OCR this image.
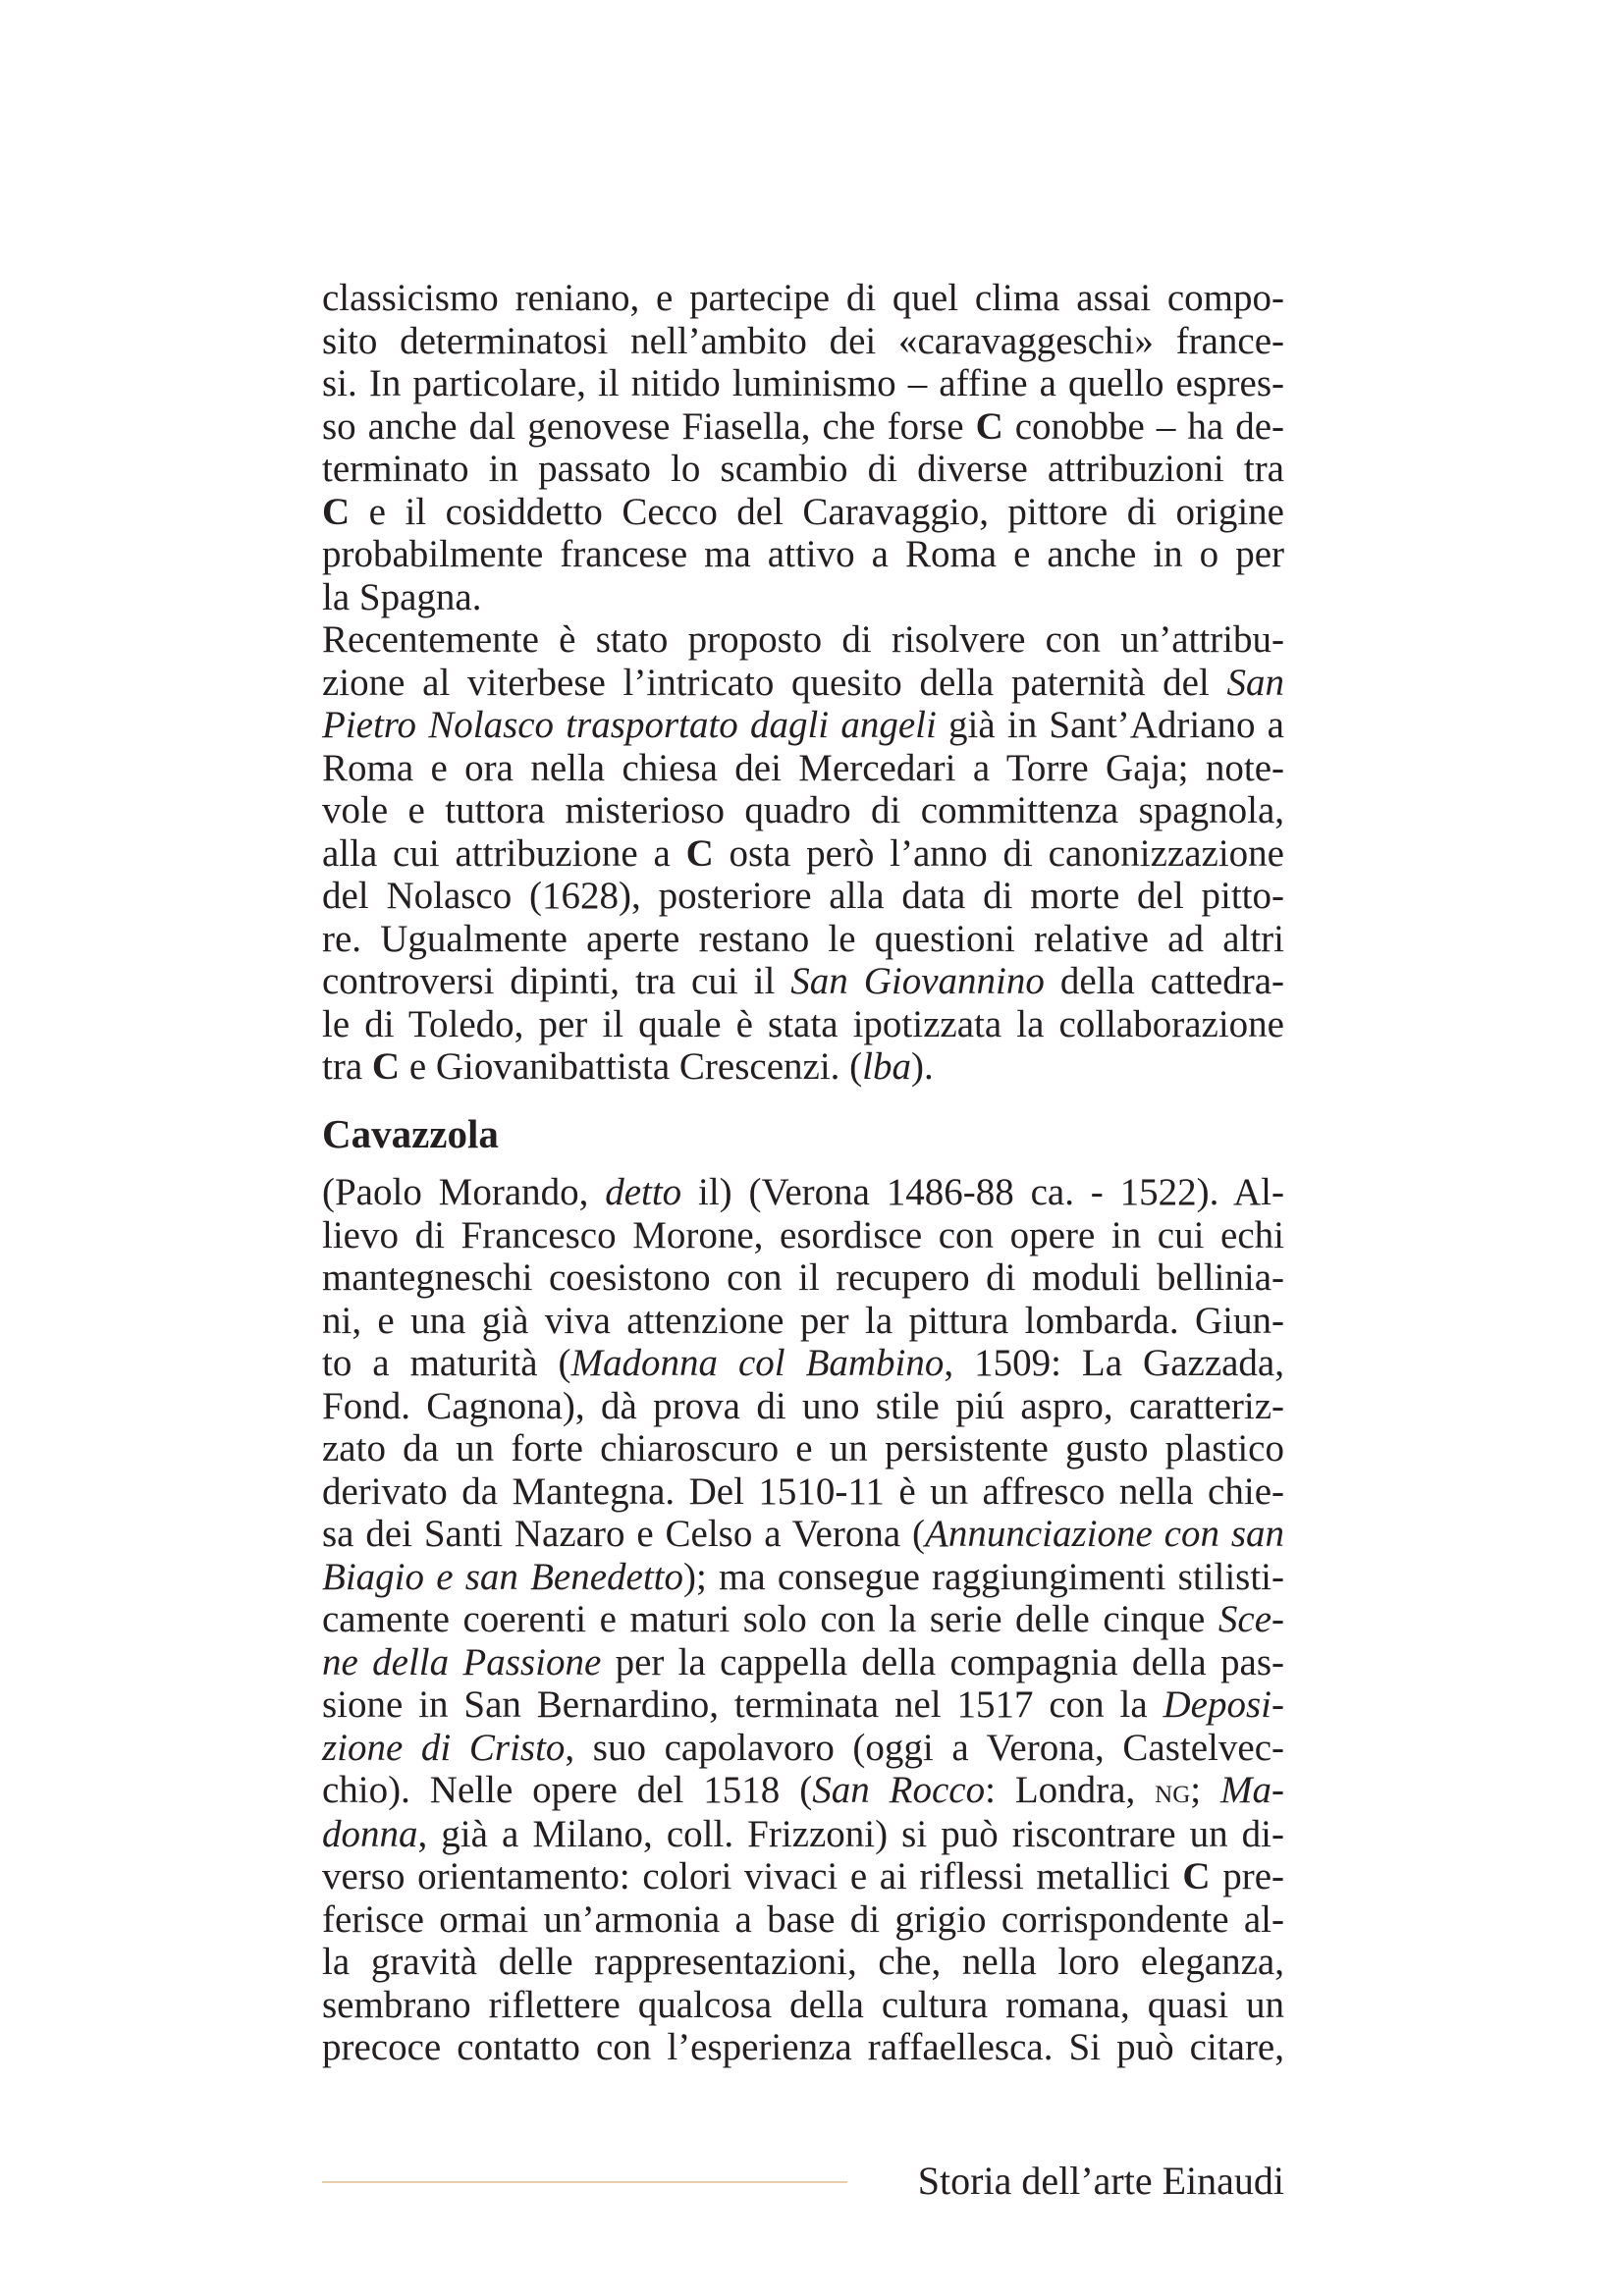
classicismo reniano, e partecipe di quel clima assai compo-
sito determinatosi nell’ambito dei «caravaggeschi» france-
si. In particolare, il nitido luminismo – affine a quello espres-
so anche dal genovese Fiasella, che forse C conobbe – ha de-
terminato in passato lo scambio di diverse attribuzioni tra
C e il cosiddetto Cecco del Caravaggio, pittore di origine
probabilmente francese ma attivo a Roma e anche in o per
la Spagna.
Recentemente è stato proposto di risolvere con un’attribu-
zione al viterbese l’intricato quesito della paternità del San
Pietro Nolasco trasportato dagli angeli già in Sant’Adriano a
Roma e ora nella chiesa dei Mercedari a Torre Gaja; note-
vole e tuttora misterioso quadro di committenza spagnola,
alla cui attribuzione a C osta però l’anno di canonizzazione
del Nolasco (1628), posteriore alla data di morte del pitto-
re. Ugualmente aperte restano le questioni relative ad altri
controversi dipinti, tra cui il San Giovannino della cattedra-
le di Toledo, per il quale è stata ipotizzata la collaborazione
tra C e Giovanibattista Crescenzi. (lba).
Cavazzola
(Paolo Morando, detto il) (Verona 1486-88 ca. - 1522). Al-
lievo di Francesco Morone, esordisce con opere in cui echi
mantegneschi coesistono con il recupero di moduli belliniа-
ni, e una già viva attenzione per la pittura lombarda. Giun-
to a maturità (Madonna col Bambino, 1509: La Gazzada,
Fond. Cagnona), dà prova di uno stile piú aspro, caratteriz-
zato da un forte chiaroscuro e un persistente gusto plastico
derivato da Mantegna. Del 1510-11 è un affresco nella chie-
sa dei Santi Nazaro e Celso a Verona (Annunciazione con san
Biagio e san Benedetto); ma consegue raggiungimenti stilisti-
camente coerenti e maturi solo con la serie delle cinque Sce-
ne della Passione per la cappella della compagnia della pas-
sione in San Bernardino, terminata nel 1517 con la Deposi-
zione di Cristo, suo capolavoro (oggi a Verona, Castelvec-
chio). Nelle opere del 1518 (San Rocco: Londra, ng; Ma-
donna, già a Milano, coll. Frizzoni) si può riscontrare un di-
verso orientamento: colori vivaci e ai riflessi metallici C pre-
ferisce ormai un’armonia a base di grigio corrispondente al-
la gravità delle rappresentazioni, che, nella loro eleganza,
sembrano riflettere qualcosa della cultura romana, quasi un
precoce contatto con l’esperienza raffaellesca. Si può citare,
Storia dell’arte Einaudi
